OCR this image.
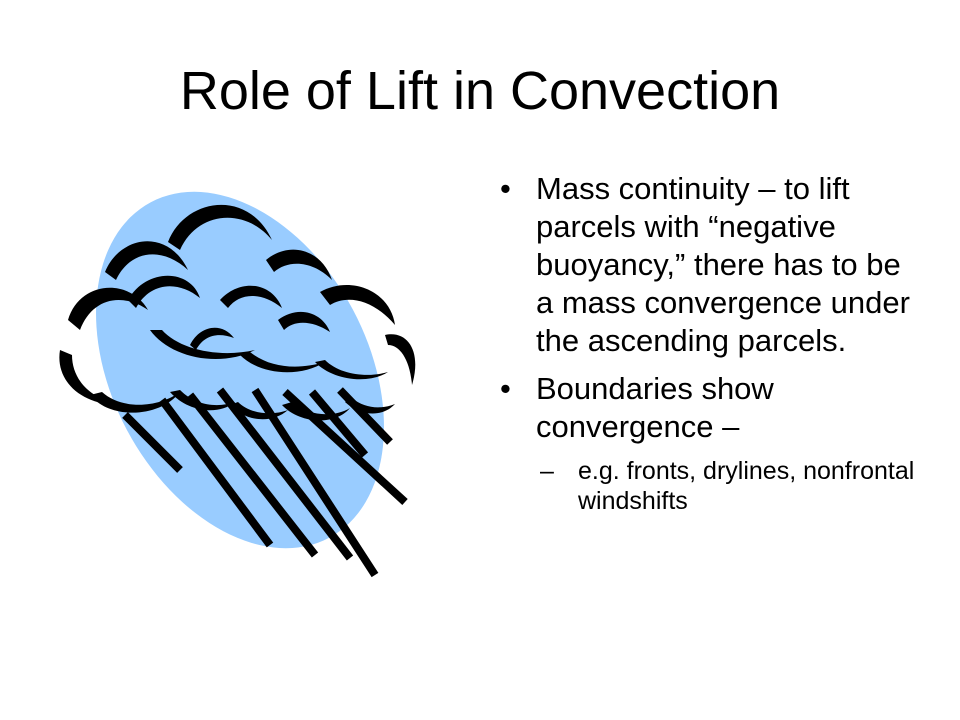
Role of Lift in Convection
• Mass continuity – to lift parcels with “negative buoyancy,” there has to be a mass convergence under the ascending parcels.
• Boundaries show convergence –
– e.g. fronts, drylines, nonfrontal windshifts
